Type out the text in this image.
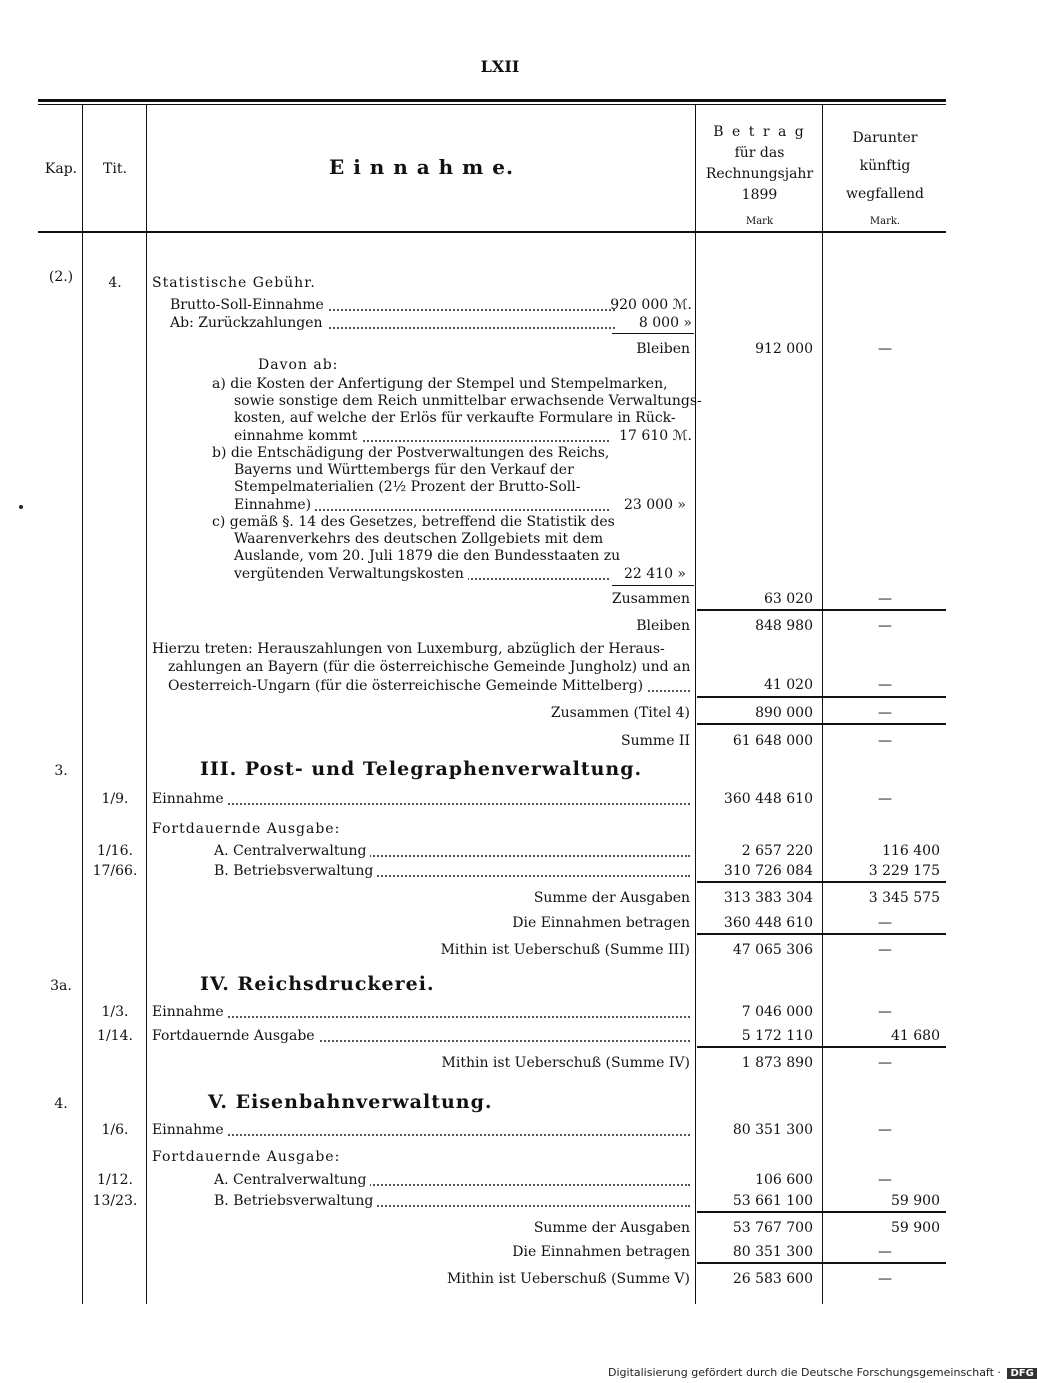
LXII
Kap.	Tit.	E i n n a h m e.
B e t r a g
für das
Rechnungsjahr
1899
Mark
Darunter
künftig
wegfallend
Mark.
(2.)	4.	Statistische Gebühr.
Brutto-Soll-Einnahme	920 000 ℳ.
Ab: Zurückzahlungen	8 000 »
Bleiben	912 000	—
Davon ab:
a) die Kosten der Anfertigung der Stempel und Stempelmarken,
sowie sonstige dem Reich unmittelbar erwachsende Verwaltungs-
kosten, auf welche der Erlös für verkaufte Formulare in Rück-
einnahme kommt	17 610 ℳ.
b) die Entschädigung der Postverwaltungen des Reichs,
Bayerns und Württembergs für den Verkauf der
Stempelmaterialien (2½ Prozent der Brutto-Soll-
Einnahme)	23 000 »
c) gemäß §. 14 des Gesetzes, betreffend die Statistik des
Waarenverkehrs des deutschen Zollgebiets mit dem
Auslande, vom 20. Juli 1879 die den Bundesstaaten zu
vergütenden Verwaltungskosten	22 410 »
Zusammen	63 020	—
Bleiben	848 980	—
Hierzu treten: Herauszahlungen von Luxemburg, abzüglich der Heraus-
zahlungen an Bayern (für die österreichische Gemeinde Jungholz) und an
Oesterreich-Ungarn (für die österreichische Gemeinde Mittelberg)	41 020	—
Zusammen (Titel 4)	890 000	—
Summe II	61 648 000	—
3.	III. Post- und Telegraphenverwaltung.
1/9.	Einnahme	360 448 610	—
Fortdauernde Ausgabe:
1/16.	A. Centralverwaltung	2 657 220	116 400
17/66.	B. Betriebsverwaltung	310 726 084	3 229 175
Summe der Ausgaben	313 383 304	3 345 575
Die Einnahmen betragen	360 448 610	—
Mithin ist Ueberschuß (Summe III)	47 065 306	—
3a.	IV. Reichsdruckerei.
1/3.	Einnahme	7 046 000	—
1/14.	Fortdauernde Ausgabe	5 172 110	41 680
Mithin ist Ueberschuß (Summe IV)	1 873 890	—
4.	V. Eisenbahnverwaltung.
1/6.	Einnahme	80 351 300	—
Fortdauernde Ausgabe:
1/12.	A. Centralverwaltung	106 600	—
13/23.	B. Betriebsverwaltung	53 661 100	59 900
Summe der Ausgaben	53 767 700	59 900
Die Einnahmen betragen	80 351 300	—
Mithin ist Ueberschuß (Summe V)	26 583 600	—
Digitalisierung gefördert durch die Deutsche Forschungsgemeinschaft · DFG
